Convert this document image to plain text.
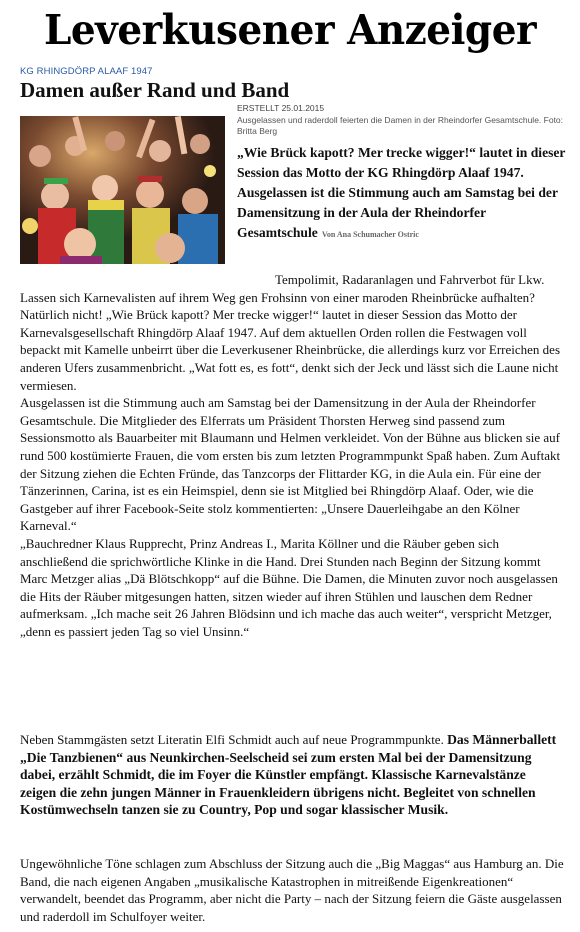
Leverkusener Anzeiger
KG RHINGDÖRP ALAAF 1947
Damen außer Rand und Band
ERSTELLT 25.01.2015
Ausgelassen und raderdoll feierten die Damen in der Rheindorfer Gesamtschule. Foto: Britta Berg
„Wie Brück kapott? Mer trecke wigger!“ lautet in dieser Session das Motto der KG Rhingdörp Alaaf 1947. Ausgelassen ist die Stimmung auch am Samstag bei der Damensitzung in der Aula der Rheindorfer Gesamtschule Von Ana Schumacher Ostric

Tempolimit, Radaranlagen und Fahrverbot für Lkw. Lassen sich Karnevalisten auf ihrem Weg gen Frohsinn von einer maroden Rheinbrücke aufhalten? Natürlich nicht! „Wie Brück kapott? Mer trecke wigger!“ lautet in dieser Session das Motto der Karnevalsgesellschaft Rhingdörp Alaaf 1947. Auf dem aktuellen Orden rollen die Festwagen voll bepackt mit Kamelle unbeirrt über die Leverkusener Rheinbrücke, die allerdings kurz vor Erreichen des anderen Ufers zusammenbricht. „Wat fott es, es fott“, denkt sich der Jeck und lässt sich die Laune nicht vermiesen.

Ausgelassen ist die Stimmung auch am Samstag bei der Damensitzung in der Aula der Rheindorfer Gesamtschule. Die Mitglieder des Elferrats um Präsident Thorsten Herweg sind passend zum Sessionsmotto als Bauarbeiter mit Blaumann und Helmen verkleidet. Von der Bühne aus blicken sie auf rund 500 kostümierte Frauen, die vom ersten bis zum letzten Programmpunkt Spaß haben. Zum Auftakt der Sitzung ziehen die Echten Fründe, das Tanzcorps der Flittarder KG, in die Aula ein. Für eine der Tänzerinnen, Carina, ist es ein Heimspiel, denn sie ist Mitglied bei Rhingdörp Alaaf. Oder, wie die Gastgeber auf ihrer Facebook-Seite stolz kommentierten: „Unsere Dauerleihgabe an den Kölner Karneval.“

„Bauchredner Klaus Rupprecht, Prinz Andreas I., Marita Köllner und die Räuber geben sich anschließend die sprichwörtliche Klinke in die Hand. Drei Stunden nach Beginn der Sitzung kommt Marc Metzger alias „Dä Blötschkopp“ auf die Bühne. Die Damen, die Minuten zuvor noch ausgelassen die Hits der Räuber mitgesungen hatten, sitzen wieder auf ihren Stühlen und lauschen dem Redner aufmerksam. „Ich mache seit 26 Jahren Blödsinn und ich mache das auch weiter“, verspricht Metzger, „denn es passiert jeden Tag so viel Unsinn.“

Neben Stammgästen setzt Literatin Elfi Schmidt auch auf neue Programmpunkte. Das Männerballett „Die Tanzbienen“ aus Neunkirchen-Seelscheid sei zum ersten Mal bei der Damensitzung dabei, erzählt Schmidt, die im Foyer die Künstler empfängt. Klassische Karnevalstänze zeigen die zehn jungen Männer in Frauenkleidern übrigens nicht. Begleitet von schnellen Kostümwechseln tanzen sie zu Country, Pop und sogar klassischer Musik.

Ungewöhnliche Töne schlagen zum Abschluss der Sitzung auch die „Big Maggas“ aus Hamburg an. Die Band, die nach eigenen Angaben „musikalische Katastrophen in mitreißende Eigenkreationen“ verwandelt, beendet das Programm, aber nicht die Party – nach der Sitzung feiern die Gäste ausgelassen und raderdoll im Schulfoyer weiter.
